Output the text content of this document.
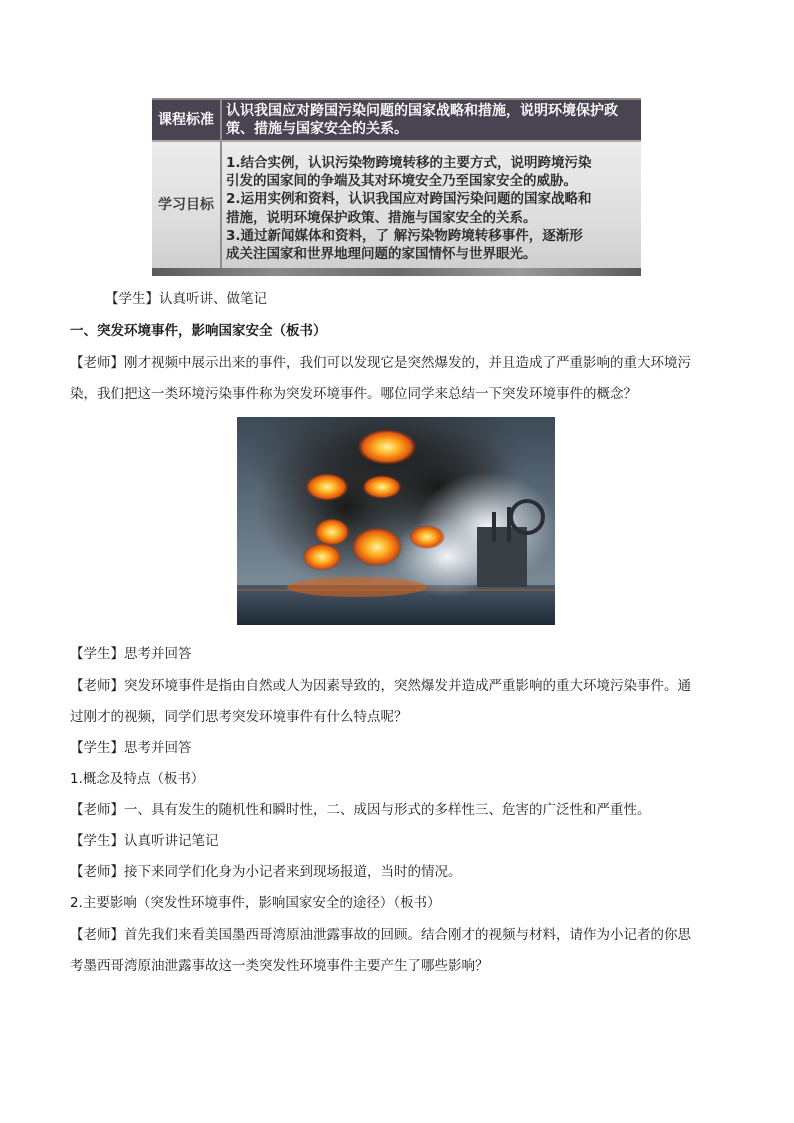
课程标准
认识我国应对跨国污染问题的国家战略和措施，说明环境保护政策、措施与国家安全的关系。
学习目标
1.结合实例，认识污染物跨境转移的主要方式，说明跨境污染
引发的国家间的争端及其对环境安全乃至国家安全的威胁。
2.运用实例和资料，认识我国应对跨国污染问题的国家战略和
措施，说明环境保护政策、措施与国家安全的关系。
3.通过新闻媒体和资料，了 解污染物跨境转移事件，逐渐形
成关注国家和世界地理问题的家国情怀与世界眼光。
【学生】认真听讲、做笔记
一、突发环境事件，影响国家安全（板书）
【老师】刚才视频中展示出来的事件，我们可以发现它是突然爆发的，并且造成了严重影响的重大环境污
染，我们把这一类环境污染事件称为突发环境事件。哪位同学来总结一下突发环境事件的概念？
【学生】思考并回答
【老师】突发环境事件是指由自然或人为因素导致的，突然爆发并造成严重影响的重大环境污染事件。通
过刚才的视频，同学们思考突发环境事件有什么特点呢？
【学生】思考并回答
1.概念及特点（板书）
【老师】一、具有发生的随机性和瞬时性，二、成因与形式的多样性三、危害的广泛性和严重性。
【学生】认真听讲记笔记
【老师】接下来同学们化身为小记者来到现场报道，当时的情况。
2.主要影响（突发性环境事件，影响国家安全的途径）（板书）
【老师】首先我们来看美国墨西哥湾原油泄露事故的回顾。结合刚才的视频与材料，请作为小记者的你思
考墨西哥湾原油泄露事故这一类突发性环境事件主要产生了哪些影响？
